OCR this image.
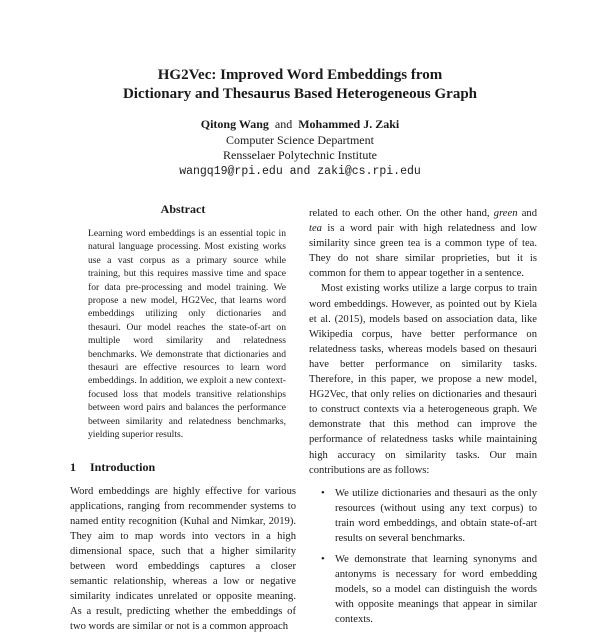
HG2Vec: Improved Word Embeddings from
Dictionary and Thesaurus Based Heterogeneous Graph
Qitong Wang and Mohammed J. Zaki
Computer Science Department
Rensselaer Polytechnic Institute
wangq19@rpi.edu and zaki@cs.rpi.edu
Abstract

Learning word embeddings is an essential topic in natural language processing. Most existing works use a vast corpus as a primary source while training, but this requires massive time and space for data pre-processing and model training. We propose a new model, HG2Vec, that learns word embeddings utilizing only dictionaries and thesauri. Our model reaches the state-of-art on multiple word similarity and relatedness benchmarks. We demonstrate that dictionaries and thesauri are effective resources to learn word embeddings. In addition, we exploit a new context-focused loss that models transitive relationships between word pairs and balances the performance between similarity and relatedness benchmarks, yielding superior results.

1 Introduction

Word embeddings are highly effective for various applications, ranging from recommender systems to named entity recognition (Kuhal and Nimkar, 2019). They aim to map words into vectors in a high dimensional space, such that a higher similarity between word embeddings captures a closer semantic relationship, whereas a low or negative similarity indicates unrelated or opposite meaning. As a result, predicting whether the embeddings of two words are similar or not is a common approach

related to each other. On the other hand, green and tea is a word pair with high relatedness and low similarity since green tea is a common type of tea. They do not share similar proprieties, but it is common for them to appear together in a sentence.

Most existing works utilize a large corpus to train word embeddings. However, as pointed out by Kiela et al. (2015), models based on association data, like Wikipedia corpus, have better performance on relatedness tasks, whereas models based on thesauri have better performance on similarity tasks. Therefore, in this paper, we propose a new model, HG2Vec, that only relies on dictionaries and thesauri to construct contexts via a heterogeneous graph. We demonstrate that this method can improve the performance of relatedness tasks while maintaining high accuracy on similarity tasks. Our main contributions are as follows:

• We utilize dictionaries and thesauri as the only resources (without using any text corpus) to train word embeddings, and obtain state-of-art results on several benchmarks.
• We demonstrate that learning synonyms and antonyms is necessary for word embedding models, so a model can distinguish the words with opposite meanings that appear in similar contexts.
